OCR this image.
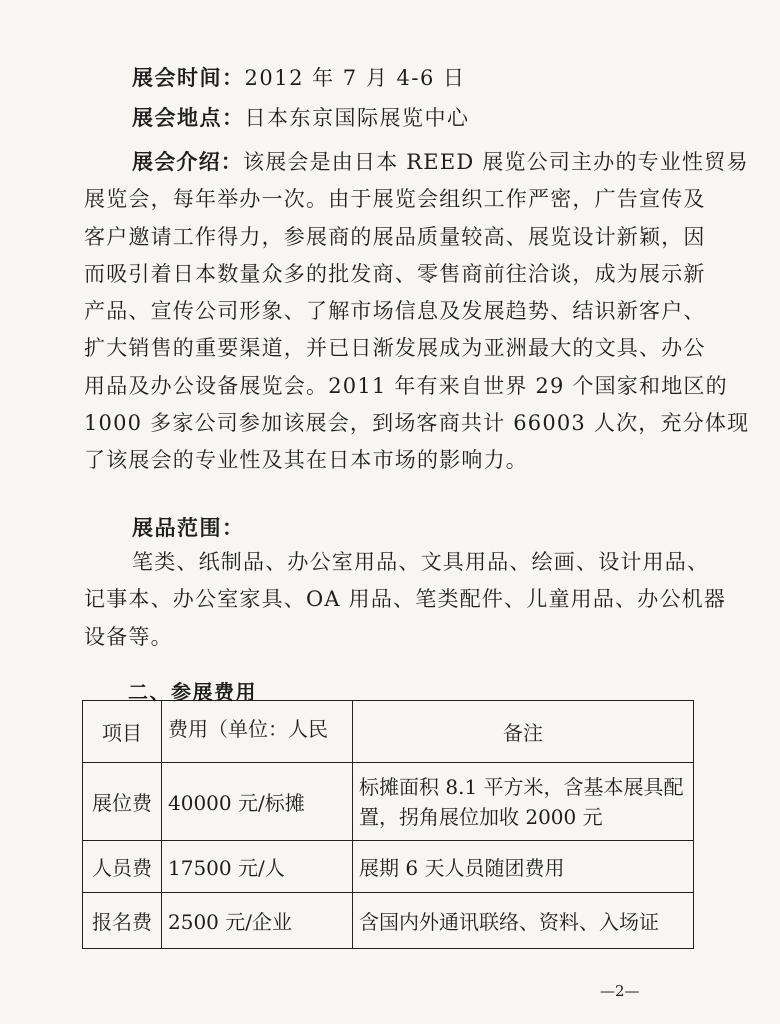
展会时间：2012 年 7 月 4-6 日
展会地点：日本东京国际展览中心
展会介绍：该展会是由日本 REED 展览公司主办的专业性贸易
展览会，每年举办一次。由于展览会组织工作严密，广告宣传及
客户邀请工作得力，参展商的展品质量较高、展览设计新颖，因
而吸引着日本数量众多的批发商、零售商前往洽谈，成为展示新
产品、宣传公司形象、了解市场信息及发展趋势、结识新客户、
扩大销售的重要渠道，并已日渐发展成为亚洲最大的文具、办公
用品及办公设备展览会。2011 年有来自世界 29 个国家和地区的
1000 多家公司参加该展会，到场客商共计 66003 人次，充分体现
了该展会的专业性及其在日本市场的影响力。
展品范围：
笔类、纸制品、办公室用品、文具用品、绘画、设计用品、
记事本、办公室家具、OA 用品、笔类配件、儿童用品、办公机器
设备等。
二、参展费用
项目	费用（单位：人民	备注
展位费	40000 元/标摊	标摊面积 8.1 平方米，含基本展具配置，拐角展位加收 2000 元
人员费	17500 元/人	展期 6 天人员随团费用
报名费	2500 元/企业	含国内外通讯联络、资料、入场证
—2—
